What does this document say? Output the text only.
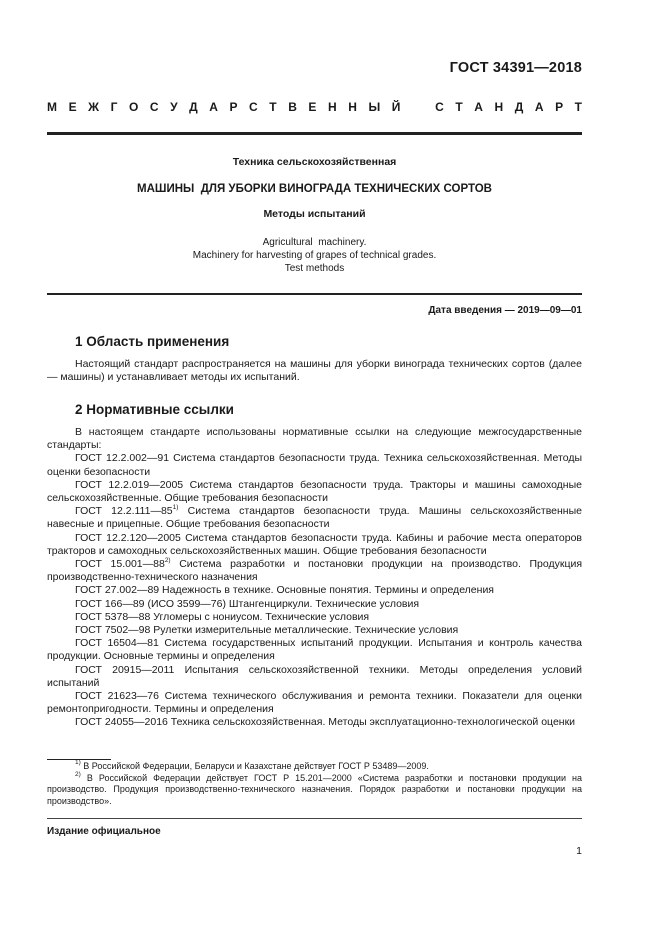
ГОСТ 34391—2018
М Е Ж Г О С У Д А Р С Т В Е Н Н Ы Й	С Т А Н Д А Р Т
Техника сельскохозяйственная
МАШИНЫ  ДЛЯ УБОРКИ ВИНОГРАДА ТЕХНИЧЕСКИХ СОРТОВ
Методы испытаний
Agricultural  machinery.
Machinery for harvesting of grapes of technical grades.
Test methods
Дата введения — 2019—09—01
1 Область применения
Настоящий стандарт распространяется на машины для уборки винограда технических сортов (далее — машины) и устанавливает методы их испытаний.
2 Нормативные ссылки

В настоящем стандарте использованы нормативные ссылки на следующие межгосударственные стандарты:

ГОСТ 12.2.002—91 Система стандартов безопасности труда. Техника сельскохозяйственная. Методы оценки безопасности

ГОСТ 12.2.019—2005 Система стандартов безопасности труда. Тракторы и машины самоходные сельскохозяйственные. Общие требования безопасности

ГОСТ 12.2.111—85$^{1)}$ Система стандартов безопасности труда. Машины сельскохозяйственные навесные и прицепные. Общие требования безопасности

ГОСТ 12.2.120—2005 Система стандартов безопасности труда. Кабины и рабочие места операторов тракторов и самоходных сельскохозяйственных машин. Общие требования безопасности

ГОСТ 15.001—88$^{2)}$ Система разработки и постановки продукции на производство. Продукция производственно-технического назначения

ГОСТ 27.002—89 Надежность в технике. Основные понятия. Термины и определения

ГОСТ 166—89 (ИСО 3599—76) Штангенциркули. Технические условия

ГОСТ 5378—88 Угломеры с нониусом. Технические условия

ГОСТ 7502—98 Рулетки измерительные металлические. Технические условия

ГОСТ 16504—81 Система государственных испытаний продукции. Испытания и контроль качества продукции. Основные термины и определения

ГОСТ 20915—2011 Испытания сельскохозяйственной техники. Методы определения условий испытаний

ГОСТ 21623—76 Система технического обслуживания и ремонта техники. Показатели для оценки ремонтопригодности. Термины и определения

ГОСТ 24055—2016 Техника сельскохозяйственная. Методы эксплуатационно-технологической оценки

$^{1)}$ В Российской Федерации, Беларуси и Казахстане действует ГОСТ Р 53489—2009.

$^{2)}$ В Российской Федерации действует ГОСТ Р 15.201—2000 «Система разработки и постановки продукции на производство. Продукция производственно-технического назначения. Порядок разработки и постановки продукции на производство».

Издание официальное
1
